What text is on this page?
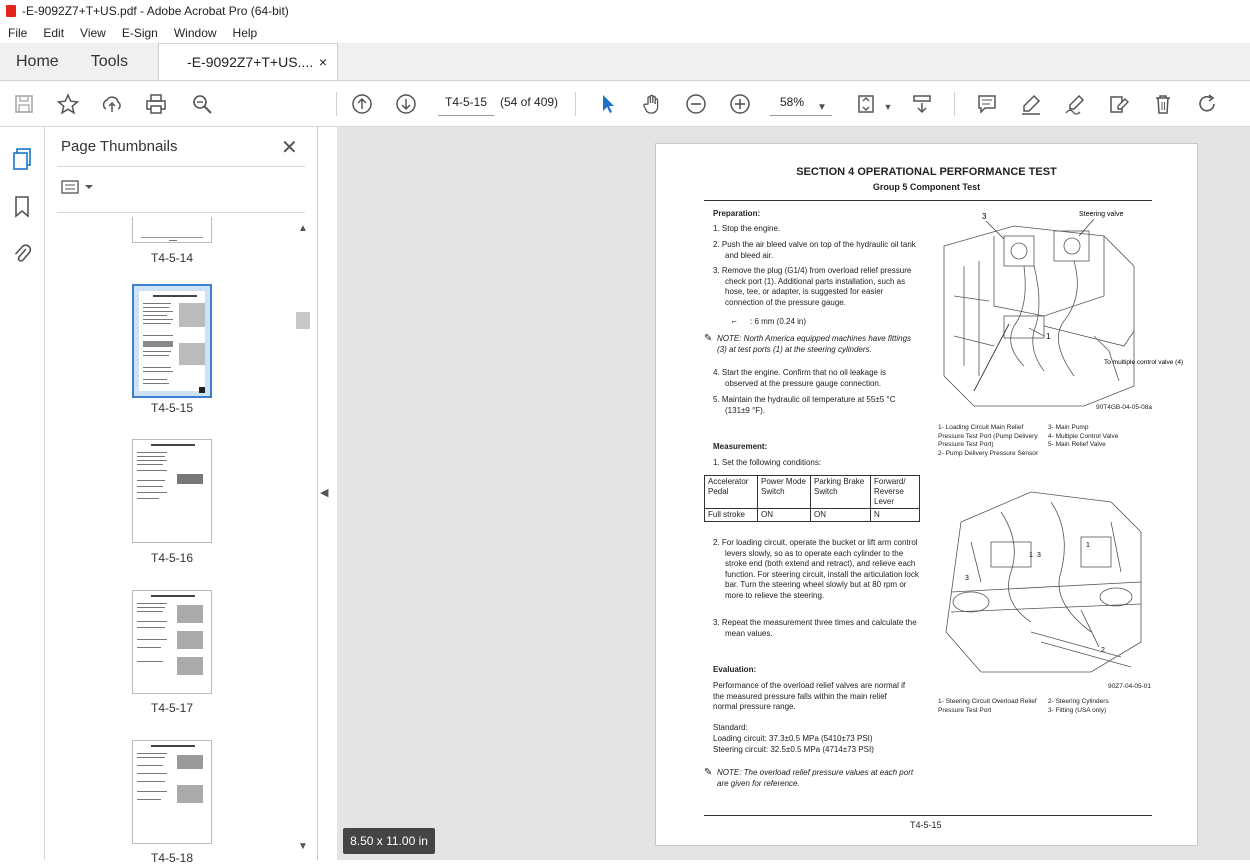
-E-9092Z7+T+US.pdf - Adobe Acrobat Pro (64-bit)
File	Edit	View	E-Sign	Window	Help
Home	Tools	-E-9092Z7+T+US.... ×
▼	▼
T4-5-15	(54 of 409)	58%
Page Thumbnails	✕
T4-5-14
T4-5-15
T4-5-16
T4-5-17
T4-5-18
▲
▼
◀
SECTION 4 OPERATIONAL PERFORMANCE TEST
Group 5 Component Test
Preparation:
1. Stop the engine.
2. Push the air bleed valve on top of the hydraulic oil tank and bleed air.
3. Remove the plug (G1/4) from overload relief pressure check port (1). Additional parts installation, such as hose, tee, or adapter, is suggested for easier connection of the pressure gauge.
⌐ : 6 mm (0.24 in)
✎ NOTE: North America equipped machines have fittings (3) at test ports (1) at the steering cylinders.
4. Start the engine. Confirm that no oil leakage is observed at the pressure gauge connection.
5. Maintain the hydraulic oil temperature at 55±5 °C (131±9 °F).
Measurement:
1. Set the following conditions:
Accelerator Pedal	Power Mode Switch	Parking Brake Switch	Forward/ Reverse Lever
Full stroke	ON	ON	N
2. For loading circuit, operate the bucket or lift arm control levers slowly, so as to operate each cylinder to the stroke end (both extend and retract), and relieve each function. For steering circuit, install the articulation lock bar. Turn the steering wheel slowly but at 80 rpm or more to relieve the steering.
3. Repeat the measurement three times and calculate the mean values.
Evaluation:
Performance of the overload relief valves are normal if the measured pressure falls within the main relief normal pressure range.
Standard:
Loading circuit: 37.3±0.5 MPa (5410±73 PSI)
Steering circuit: 32.5±0.5 MPa (4714±73 PSI)
✎ NOTE: The overload relief pressure values at each port are given for reference.
3	Steering valve
1
To multiple control valve (4)
90T4GB-04-05-08a
1- Loading Circuit Main Relief Pressure Test Port (Pump Delivery Pressure Test Port)
2- Pump Delivery Pressure Sensor
3- Main Pump
4- Multiple Control Valve
5- Main Relief Valve
1 3
1
3
2
90Z7-04-05-01
1- Steering Circuit Overload Relief Pressure Test Port
2- Steering Cylinders
3- Fitting (USA only)
T4-5-15
8.50 x 11.00 in
